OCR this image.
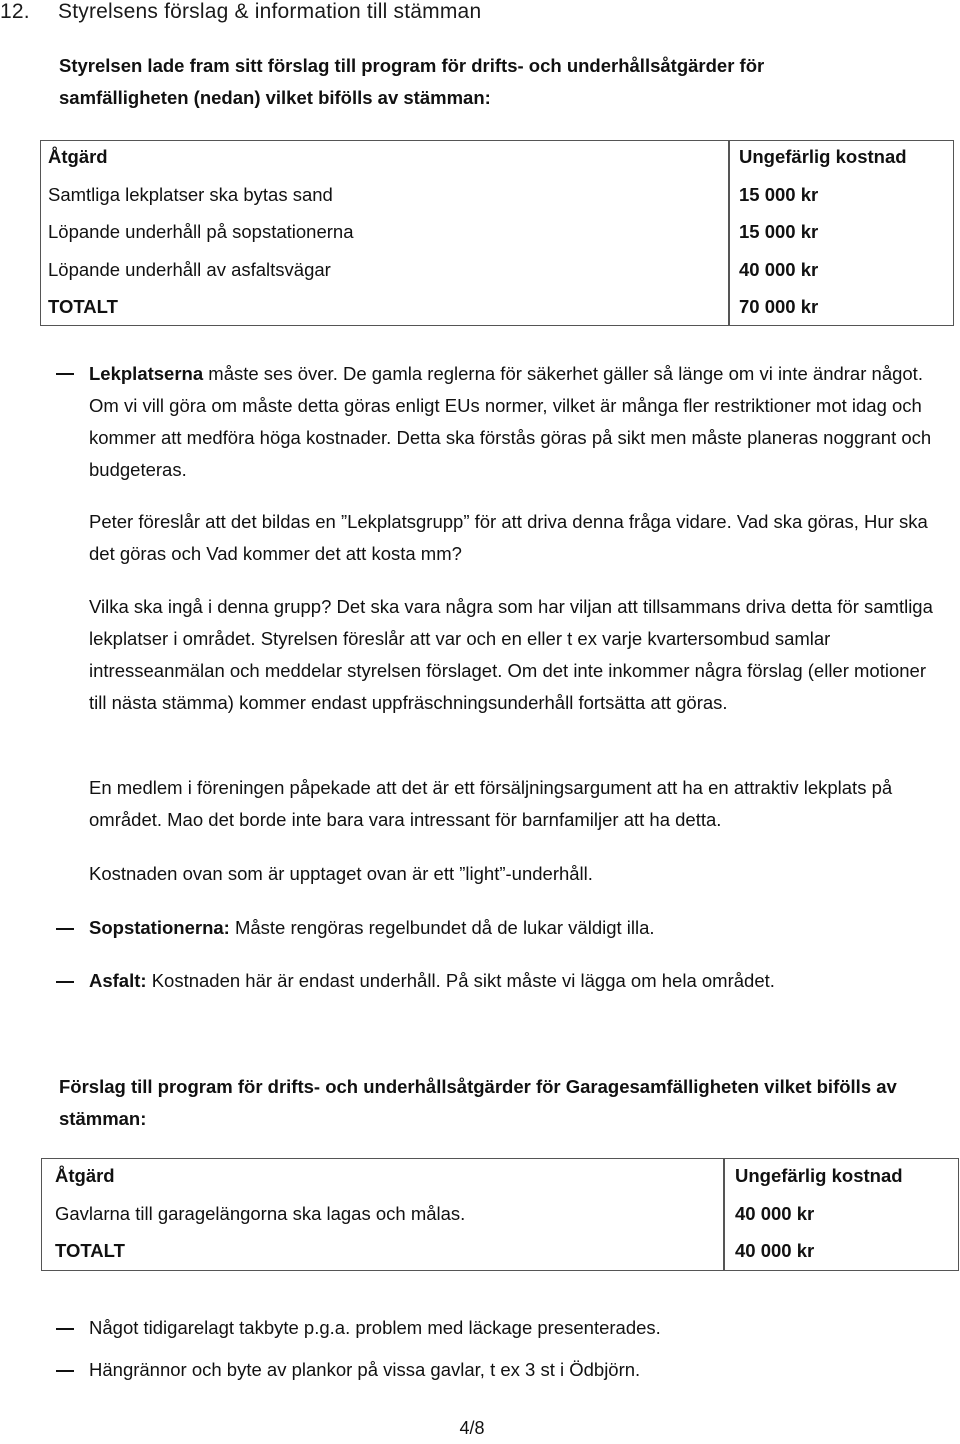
12. Styrelsens förslag & information till stämman
Styrelsen lade fram sitt förslag till program för drifts- och underhållsåtgärder för samfälligheten (nedan) vilket bifölls av stämman:
Åtgärd	Ungefärlig kostnad
Samtliga lekplatser ska bytas sand	15 000 kr
Löpande underhåll på sopstationerna	15 000 kr
Löpande underhåll av asfaltsvägar	40 000 kr
TOTALT	70 000 kr
Lekplatserna måste ses över. De gamla reglerna för säkerhet gäller så länge om vi inte ändrar något. Om vi vill göra om måste detta göras enligt EUs normer, vilket är många fler restriktioner mot idag och kommer att medföra höga kostnader. Detta ska förstås göras på sikt men måste planeras noggrant och budgeteras.
Peter föreslår att det bildas en ”Lekplatsgrupp” för att driva denna fråga vidare. Vad ska göras, Hur ska det göras och Vad kommer det att kosta mm?
Vilka ska ingå i denna grupp? Det ska vara några som har viljan att tillsammans driva detta för samtliga lekplatser i området. Styrelsen föreslår att var och en eller t ex varje kvartersombud samlar intresseanmälan och meddelar styrelsen förslaget. Om det inte inkommer några förslag (eller motioner till nästa stämma) kommer endast uppfräschningsunderhåll fortsätta att göras.
En medlem i föreningen påpekade att det är ett försäljningsargument att ha en attraktiv lekplats på området. Mao det borde inte bara vara intressant för barnfamiljer att ha detta.
Kostnaden ovan som är upptaget ovan är ett ”light”-underhåll.
Sopstationerna: Måste rengöras regelbundet då de lukar väldigt illa.
Asfalt: Kostnaden här är endast underhåll. På sikt måste vi lägga om hela området.
Förslag till program för drifts- och underhållsåtgärder för Garagesamfälligheten vilket bifölls av stämman:
Åtgärd	Ungefärlig kostnad
Gavlarna till garagelängorna ska lagas och målas.	40 000 kr
TOTALT	40 000 kr
Något tidigarelagt takbyte p.g.a. problem med läckage presenterades.
Hängrännor och byte av plankor på vissa gavlar, t ex 3 st i Ödbjörn.
4/8
